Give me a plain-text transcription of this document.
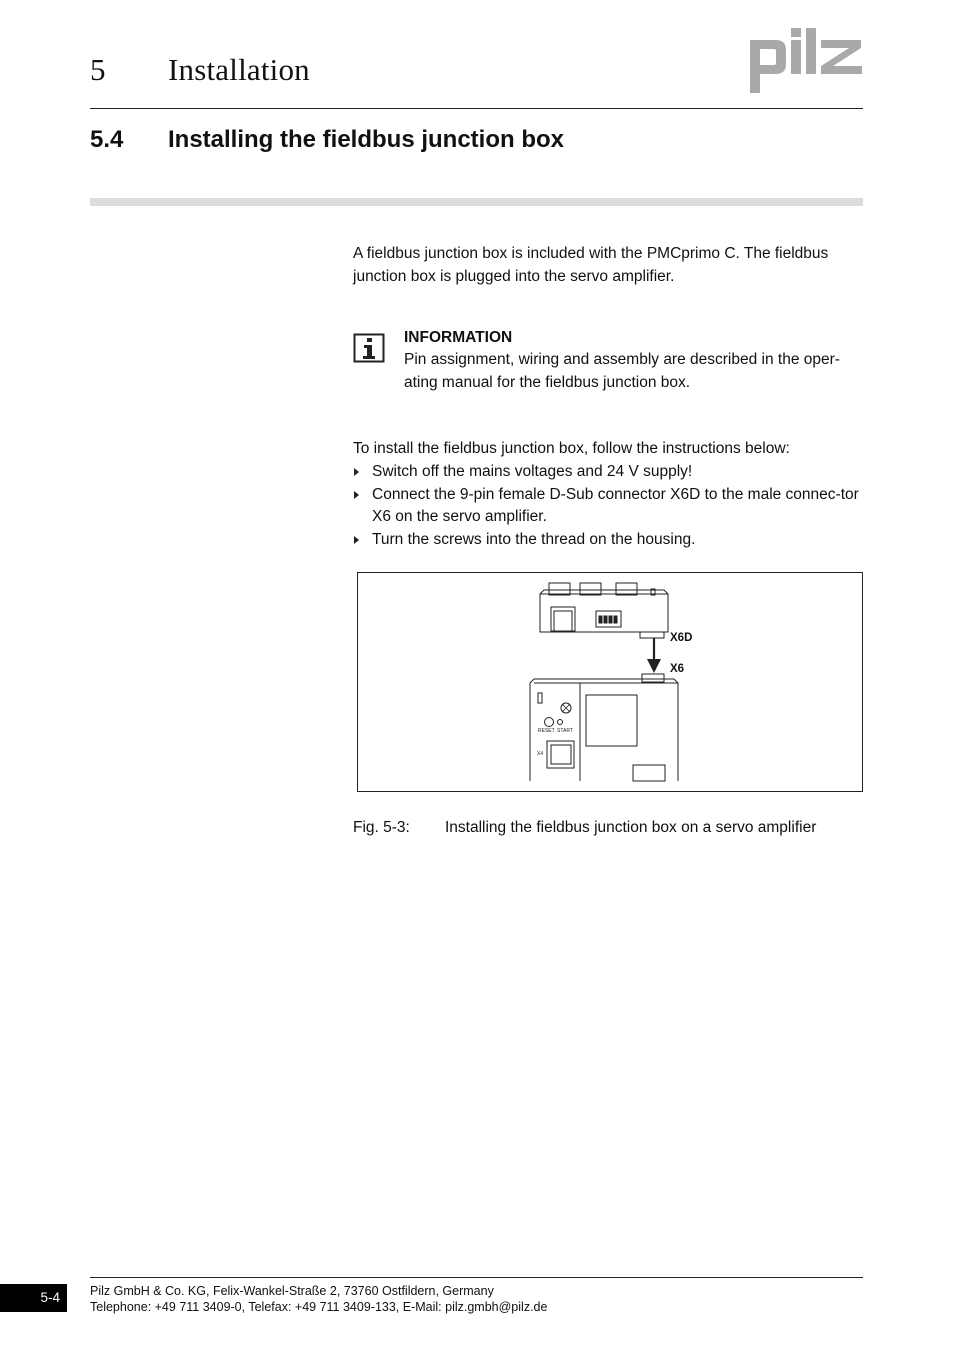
5 Installation
5.4 Installing the fieldbus junction box
A fieldbus junction box is included with the PMCprimo C. The fieldbus junction box is plugged into the servo amplifier.
INFORMATION
Pin assignment, wiring and assembly are described in the oper-ating manual for the fieldbus junction box.
To install the fieldbus junction box, follow the instructions below:
Switch off the mains voltages and 24 V supply!
Connect the 9-pin female D-Sub connector X6D to the male connec-tor X6 on the servo amplifier.
Turn the screws into the thread on the housing.
X6D
X6
RESET START
X4
Fig. 5-3: Installing the fieldbus junction box on a servo amplifier
5-4	Pilz GmbH & Co. KG, Felix-Wankel-Straße 2, 73760 Ostfildern, Germany
Telephone: +49 711 3409-0, Telefax: +49 711 3409-133, E-Mail: pilz.gmbh@pilz.de
